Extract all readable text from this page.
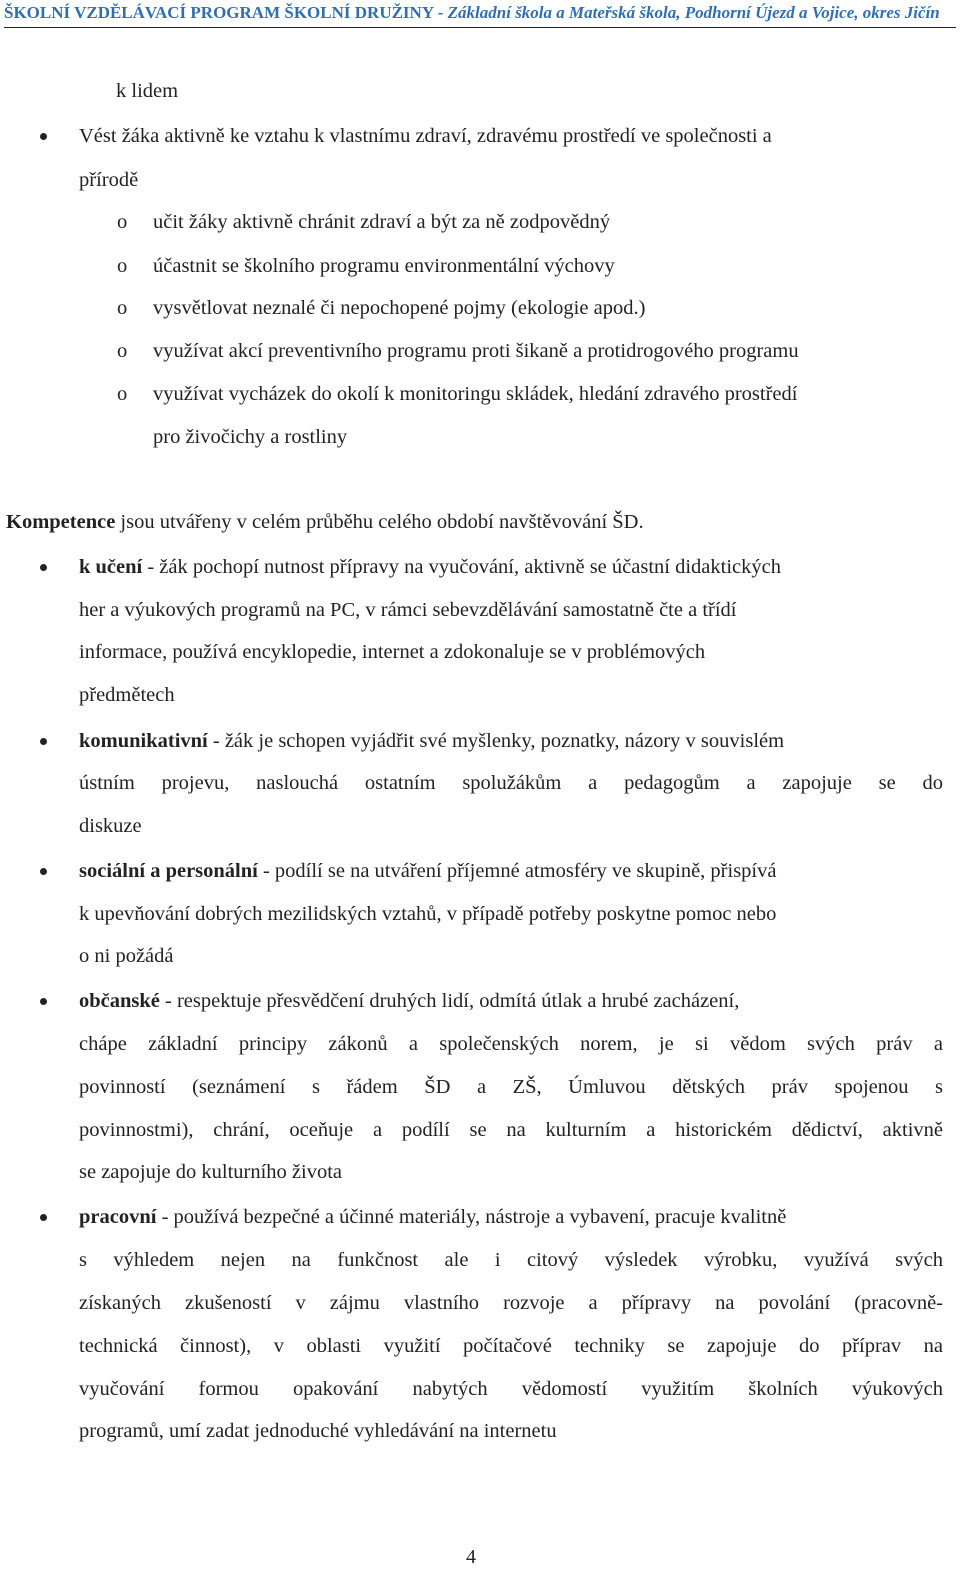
ŠKOLNÍ VZDĚLÁVACÍ PROGRAM ŠKOLNÍ DRUŽINY - Základní škola a Mateřská škola, Podhorní Újezd a Vojice, okres Jičín
k lidem
Vést žáka aktivně ke vztahu k vlastnímu zdraví, zdravému prostředí ve společnosti a
přírodě
o učit žáky aktivně chránit zdraví a být za ně zodpovědný
o účastnit se školního programu environmentální výchovy
o vysvětlovat neznalé či nepochopené pojmy (ekologie apod.)
o využívat akcí preventivního programu proti šikaně a protidrogového programu
o využívat vycházek do okolí k monitoringu skládek, hledání zdravého prostředí
pro živočichy a rostliny
Kompetence jsou utvářeny v celém průběhu celého období navštěvování ŠD.
k učení - žák pochopí nutnost přípravy na vyučování, aktivně se účastní didaktických
her a výukových programů na PC, v rámci sebevzdělávání samostatně čte a třídí
informace, používá encyklopedie, internet a zdokonaluje se v problémových
předmětech
komunikativní - žák je schopen vyjádřit své myšlenky, poznatky, názory v souvislém
ústním projevu, naslouchá ostatním spolužákům a pedagogům a zapojuje se do
diskuze
sociální a personální - podílí se na utváření příjemné atmosféry ve skupině, přispívá
k upevňování dobrých mezilidských vztahů, v případě potřeby poskytne pomoc nebo
o ni požádá
občanské - respektuje přesvědčení druhých lidí, odmítá útlak a hrubé zacházení,
chápe základní principy zákonů a společenských norem, je si vědom svých práv a
povinností (seznámení s řádem ŠD a ZŠ, Úmluvou dětských práv spojenou s
povinnostmi), chrání, oceňuje a podílí se na kulturním a historickém dědictví, aktivně
se zapojuje do kulturního života
pracovní - používá bezpečné a účinné materiály, nástroje a vybavení, pracuje kvalitně
s výhledem nejen na funkčnost ale i citový výsledek výrobku, využívá svých
získaných zkušeností v zájmu vlastního rozvoje a přípravy na povolání (pracovně-
technická činnost), v oblasti využití počítačové techniky se zapojuje do příprav na
vyučování formou opakování nabytých vědomostí využitím školních výukových
programů, umí zadat jednoduché vyhledávání na internetu
4
